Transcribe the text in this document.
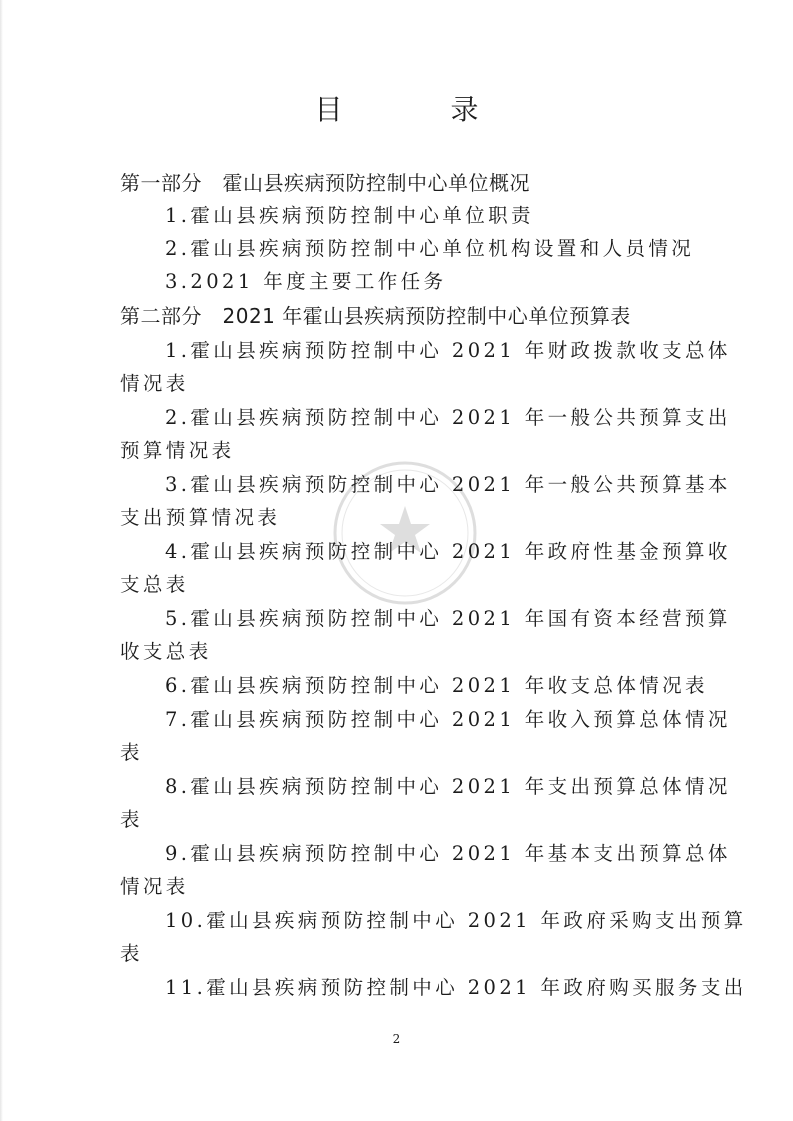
目　录
第一部分　霍山县疾病预防控制中心单位概况
1.霍山县疾病预防控制中心单位职责
2.霍山县疾病预防控制中心单位机构设置和人员情况
3.2021 年度主要工作任务
第二部分　2021 年霍山县疾病预防控制中心单位预算表
1.霍山县疾病预防控制中心 2021 年财政拨款收支总体
情况表
2.霍山县疾病预防控制中心 2021 年一般公共预算支出
预算情况表
3.霍山县疾病预防控制中心 2021 年一般公共预算基本
支出预算情况表
4.霍山县疾病预防控制中心 2021 年政府性基金预算收
支总表
5.霍山县疾病预防控制中心 2021 年国有资本经营预算
收支总表
6.霍山县疾病预防控制中心 2021 年收支总体情况表
7.霍山县疾病预防控制中心 2021 年收入预算总体情况
表
8.霍山县疾病预防控制中心 2021 年支出预算总体情况
表
9.霍山县疾病预防控制中心 2021 年基本支出预算总体
情况表
10.霍山县疾病预防控制中心 2021 年政府采购支出预算
表
11.霍山县疾病预防控制中心 2021 年政府购买服务支出
2
